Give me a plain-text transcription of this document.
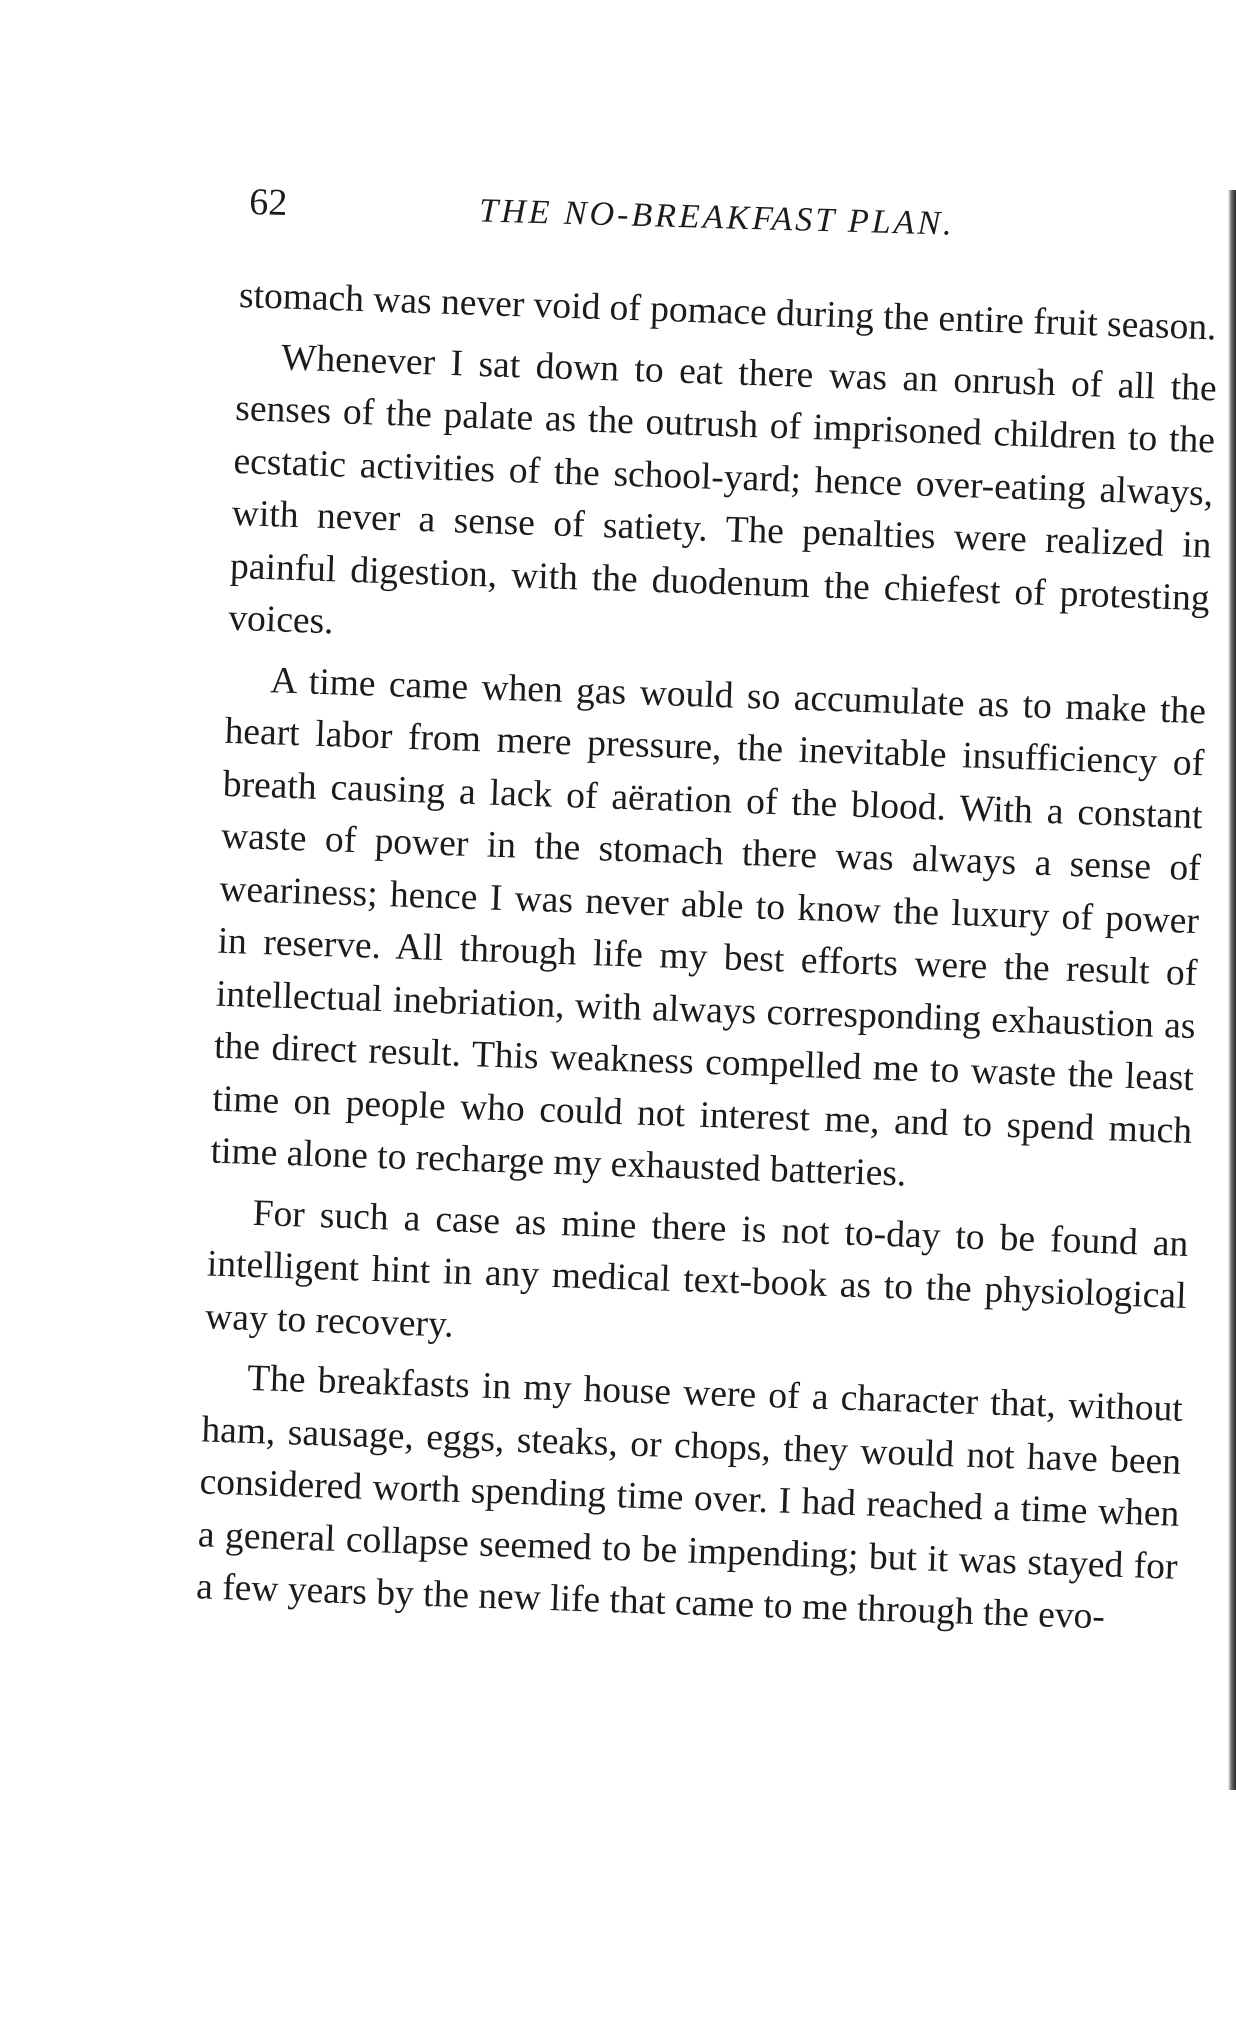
62	THE NO-BREAKFAST PLAN.

stomach was never void of pomace during the entire fruit season.

Whenever I sat down to eat there was an onrush of all the senses of the palate as the outrush of imprisoned children to the ecstatic activities of the school-yard; hence over-eating always, with never a sense of satiety. The penalties were realized in painful digestion, with the duodenum the chiefest of protesting voices.

A time came when gas would so accumulate as to make the heart labor from mere pressure, the inevitable insufficiency of breath causing a lack of aëration of the blood. With a constant waste of power in the stomach there was always a sense of weariness; hence I was never able to know the luxury of power in reserve. All through life my best efforts were the result of intellectual inebriation, with always corresponding exhaustion as the direct result. This weakness compelled me to waste the least time on people who could not interest me, and to spend much time alone to recharge my exhausted batteries.

For such a case as mine there is not to-day to be found an intelligent hint in any medical text-book as to the physiological way to recovery.

The breakfasts in my house were of a character that, without ham, sausage, eggs, steaks, or chops, they would not have been considered worth spending time over. I had reached a time when a general collapse seemed to be impending; but it was stayed for a few years by the new life that came to me through the evo-
